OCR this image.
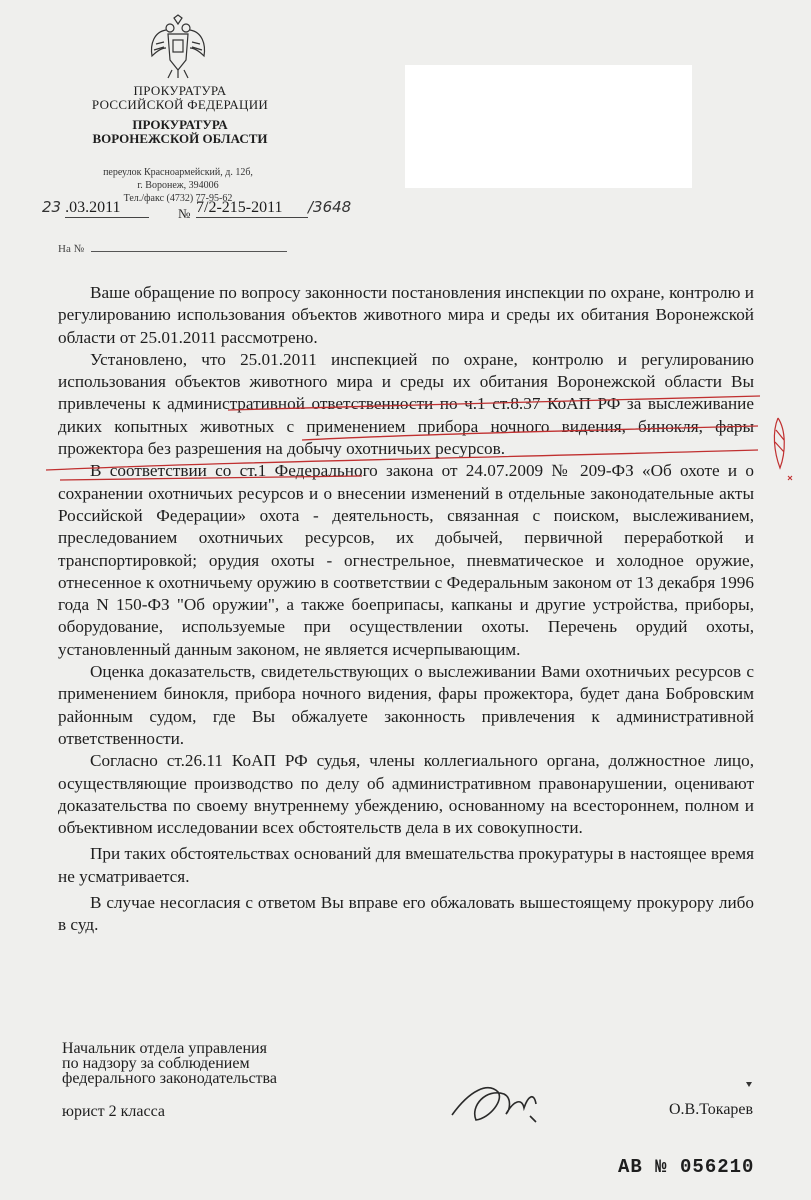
ПРОКУРАТУРА
РОССИЙСКОЙ ФЕДЕРАЦИИ
ПРОКУРАТУРА
ВОРОНЕЖСКОЙ ОБЛАСТИ
переулок Красноармейский, д. 12б,
г. Воронеж, 394006
Тел./факс (4732) 77-95-62
23 .03.2011	№ 7/2-215-2011 /3648
На №

Ваше обращение по вопросу законности постановления инспекции по охране, контролю и регулированию использования объектов животного мира и среды их обитания Воронежской области от 25.01.2011 рассмотрено.

Установлено, что 25.01.2011 инспекцией по охране, контролю и регулированию использования объектов животного мира и среды их обитания Воронежской области Вы привлечены к административной ответственности по ч.1 ст.8.37 КоАП РФ за выслеживание диких копытных животных с применением прибора ночного видения, бинокля, фары прожектора без разрешения на добычу охотничьих ресурсов.

В соответствии со ст.1 Федерального закона от 24.07.2009 № 209-ФЗ «Об охоте и о сохранении охотничьих ресурсов и о внесении изменений в отдельные законодательные акты Российской Федерации» охота - деятельность, связанная с поиском, выслеживанием, преследованием охотничьих ресурсов, их добычей, первичной переработкой и транспортировкой; орудия охоты - огнестрельное, пневматическое и холодное оружие, отнесенное к охотничьему оружию в соответствии с Федеральным законом от 13 декабря 1996 года N 150-ФЗ "Об оружии", а также боеприпасы, капканы и другие устройства, приборы, оборудование, используемые при осуществлении охоты. Перечень орудий охоты, установленный данным законом, не является исчерпывающим.

Оценка доказательств, свидетельствующих о выслеживании Вами охотничьих ресурсов с применением бинокля, прибора ночного видения, фары прожектора, будет дана Бобровским районным судом, где Вы обжалуете законность привлечения к административной ответственности.

Согласно ст.26.11 КоАП РФ судья, члены коллегиального органа, должностное лицо, осуществляющие производство по делу об административном правонарушении, оценивают доказательства по своему внутреннему убеждению, основанному на всестороннем, полном и объективном исследовании всех обстоятельств дела в их совокупности.

При таких обстоятельствах оснований для вмешательства прокуратуры в настоящее время не усматривается.

В случае несогласия с ответом Вы вправе его обжаловать вышестоящему прокурору либо в суд.

Начальник отдела управления
по надзору за соблюдением
федерального законодательства
юрист 2 класса	О.В.Токарев
АВ № 056210
